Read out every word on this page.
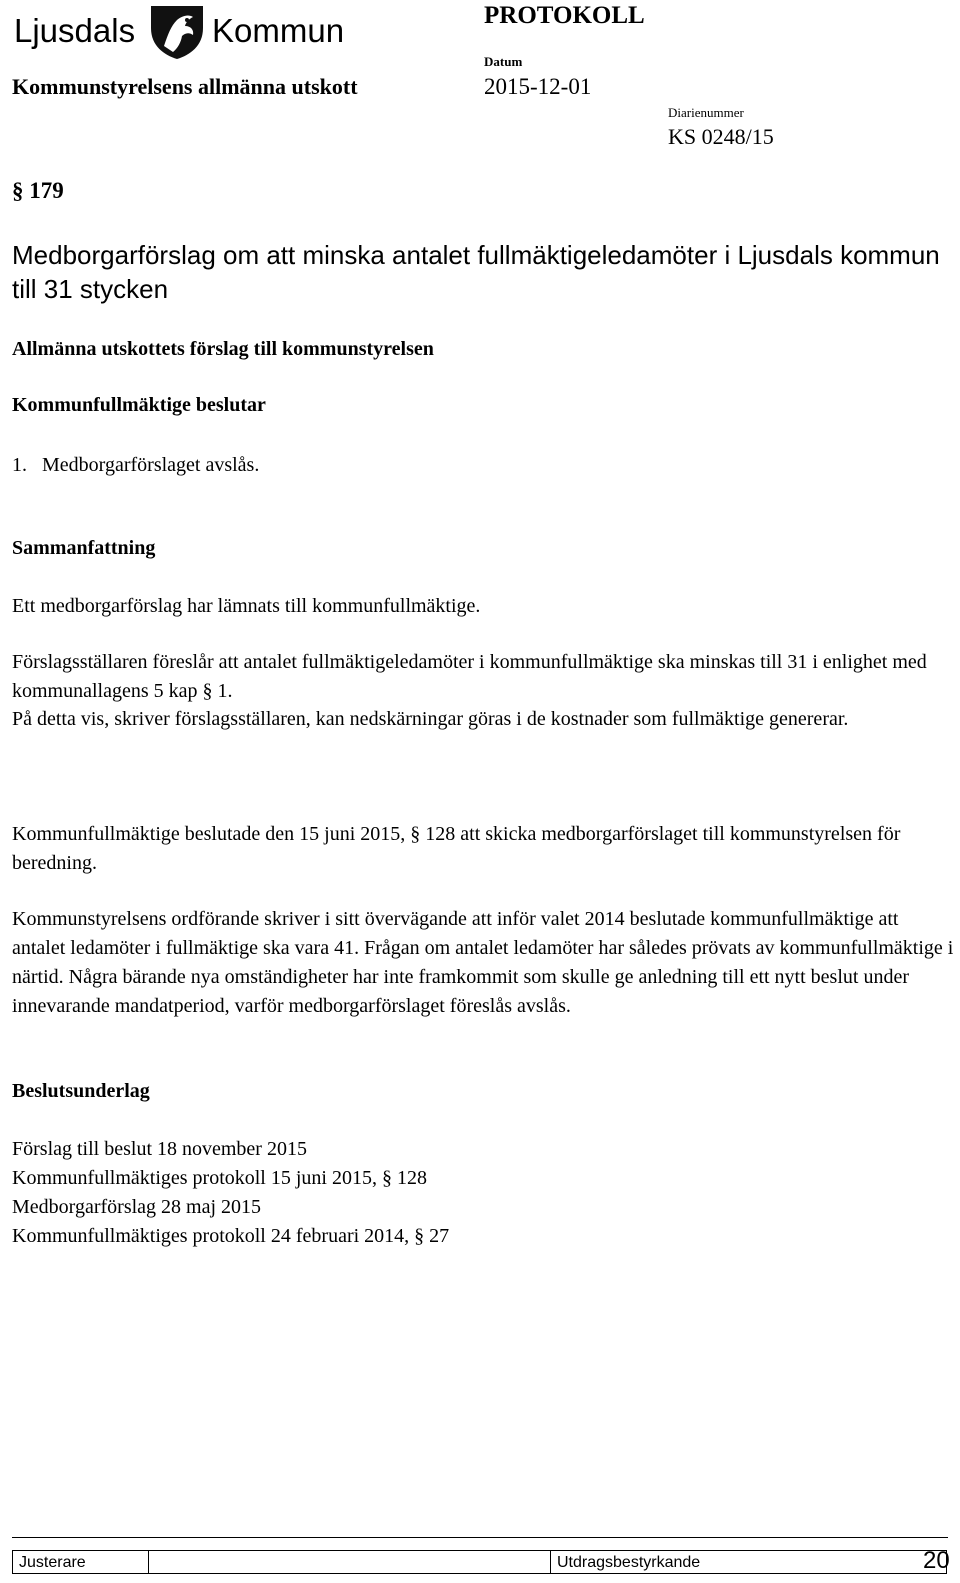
Ljusdals Kommun
Kommunstyrelsens allmänna utskott
PROTOKOLL
Datum
2015-12-01
Diarienummer
KS 0248/15
§ 179
Medborgarförslag om att minska antalet fullmäktigeledamöter i Ljusdals kommun till 31 stycken
Allmänna utskottets förslag till kommunstyrelsen
Kommunfullmäktige beslutar
1.   Medborgarförslaget avslås.
Sammanfattning
Ett medborgarförslag har lämnats till kommunfullmäktige.
Förslagsställaren föreslår att antalet fullmäktigeledamöter i kommunfullmäktige ska minskas till 31 i enlighet med kommunallagens 5 kap § 1.
På detta vis, skriver förslagsställaren, kan nedskärningar göras i de kostnader som fullmäktige genererar.
Kommunfullmäktige beslutade den 15 juni 2015, § 128 att skicka medborgarförslaget till kommunstyrelsen för beredning.
Kommunstyrelsens ordförande skriver i sitt övervägande att inför valet 2014 beslutade kommunfullmäktige att antalet ledamöter i fullmäktige ska vara 41. Frågan om antalet ledamöter har således prövats av kommunfullmäktige i närtid. Några bärande nya omständigheter har inte framkommit som skulle ge anledning till ett nytt beslut under innevarande mandatperiod, varför medborgarförslaget föreslås avslås.
Beslutsunderlag
Förslag till beslut 18 november 2015
Kommunfullmäktiges protokoll 15 juni 2015, § 128
Medborgarförslag 28 maj 2015
Kommunfullmäktiges protokoll 24 februari 2014, § 27
Justerare	Utdragsbestyrkande	20
